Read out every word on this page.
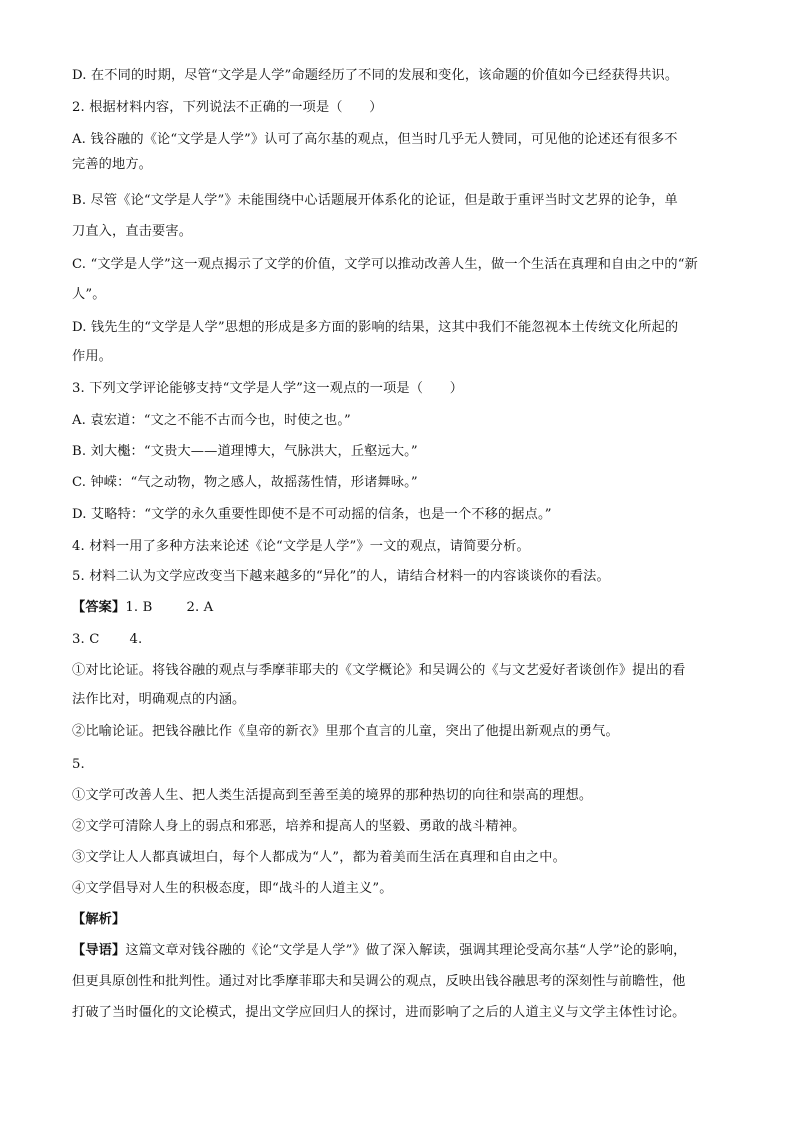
D. 在不同的时期，尽管“文学是人学”命题经历了不同的发展和变化，该命题的价值如今已经获得共识。
2. 根据材料内容，下列说法不正确的一项是（　　）
A. 钱谷融的《论“文学是人学”》认可了高尔基的观点，但当时几乎无人赞同，可见他的论述还有很多不
完善的地方。
B. 尽管《论“文学是人学”》未能围绕中心话题展开体系化的论证，但是敢于重评当时文艺界的论争，单
刀直入，直击要害。
C. “文学是人学”这一观点揭示了文学的价值，文学可以推动改善人生，做一个生活在真理和自由之中的“新
人”。
D. 钱先生的“文学是人学”思想的形成是多方面的影响的结果，这其中我们不能忽视本土传统文化所起的
作用。
3. 下列文学评论能够支持“文学是人学”这一观点的一项是（　　）
A. 袁宏道：“文之不能不古而今也，时使之也。”
B. 刘大櫆：“文贵大——道理博大，气脉洪大，丘壑远大。”
C. 钟嵘：“气之动物，物之感人，故摇荡性情，形诸舞咏。”
D. 艾略特：“文学的永久重要性即使不是不可动摇的信条，也是一个不移的据点。”
4. 材料一用了多种方法来论述《论“文学是人学”》一文的观点，请简要分析。
5. 材料二认为文学应改变当下越来越多的“异化”的人，请结合材料一的内容谈谈你的看法。
【答案】1. B	2. A
3. C 4.
①对比论证。将钱谷融的观点与季摩菲耶夫的《文学概论》和吴调公的《与文艺爱好者谈创作》提出的看
法作比对，明确观点的内涵。
②比喻论证。把钱谷融比作《皇帝的新衣》里那个直言的儿童，突出了他提出新观点的勇气。
5.
①文学可改善人生、把人类生活提高到至善至美的境界的那种热切的向往和崇高的理想。
②文学可清除人身上的弱点和邪恶，培养和提高人的坚毅、勇敢的战斗精神。
③文学让人人都真诚坦白，每个人都成为“人”，都为着美而生活在真理和自由之中。
④文学倡导对人生的积极态度，即“战斗的人道主义”。
【解析】
【导语】这篇文章对钱谷融的《论“文学是人学”》做了深入解读，强调其理论受高尔基“人学”论的影响，
但更具原创性和批判性。通过对比季摩菲耶夫和吴调公的观点，反映出钱谷融思考的深刻性与前瞻性，他
打破了当时僵化的文论模式，提出文学应回归人的探讨，进而影响了之后的人道主义与文学主体性讨论。
